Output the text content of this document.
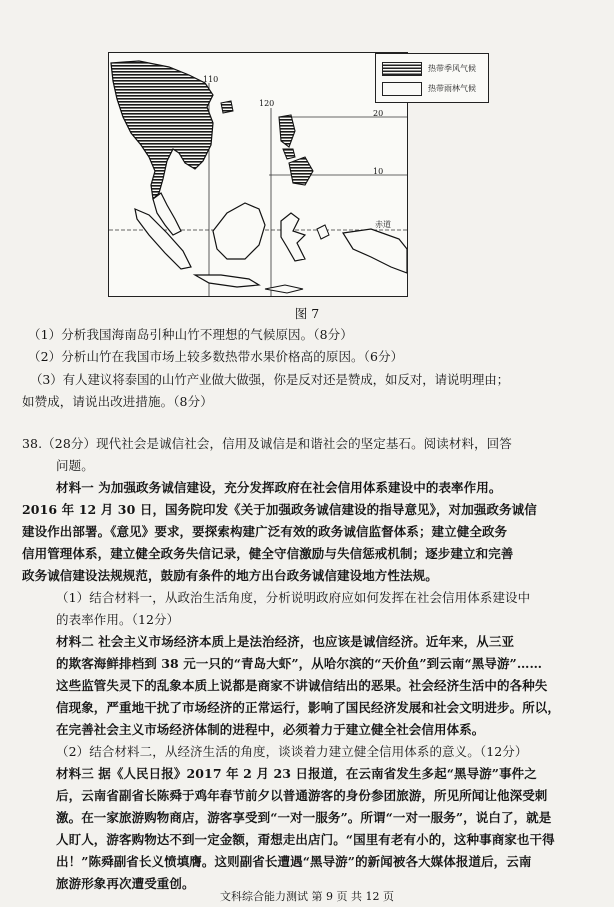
热带季风气候
热带雨林气候
110
120
20
10
赤道
图 7
（1）分析我国海南岛引种山竹不理想的气候原因。（8分）
（2）分析山竹在我国市场上较多数热带水果价格高的原因。（6分）
（3）有人建议将泰国的山竹产业做大做强，你是反对还是赞成，如反对，请说明理由；
如赞成，请说出改进措施。（8分）
38.（28分）现代社会是诚信社会，信用及诚信是和谐社会的坚定基石。阅读材料，回答
问题。
材料一 为加强政务诚信建设，充分发挥政府在社会信用体系建设中的表率作用。
2016 年 12 月 30 日，国务院印发《关于加强政务诚信建设的指导意见》，对加强政务诚信
建设作出部署。《意见》要求，要探索构建广泛有效的政务诚信监督体系；建立健全政务
信用管理体系，建立健全政务失信记录，健全守信激励与失信惩戒机制；逐步建立和完善
政务诚信建设法规规范，鼓励有条件的地方出台政务诚信建设地方性法规。
（1）结合材料一，从政治生活角度，分析说明政府应如何发挥在社会信用体系建设中
的表率作用。（12分）
材料二 社会主义市场经济本质上是法治经济，也应该是诚信经济。近年来，从三亚
的欺客海鲜排档到 38 元一只的“青岛大虾”，从哈尔滨的“天价鱼”到云南“黑导游”……
这些监管失灵下的乱象本质上说都是商家不讲诚信结出的恶果。社会经济生活中的各种失
信现象，严重地干扰了市场经济的正常运行，影响了国民经济发展和社会文明进步。所以，
在完善社会主义市场经济体制的进程中，必须着力于建立健全社会信用体系。
（2）结合材料二，从经济生活的角度，谈谈着力建立健全信用体系的意义。（12分）
材料三 据《人民日报》2017 年 2 月 23 日报道，在云南省发生多起“黑导游”事件之
后，云南省副省长陈舜于鸡年春节前夕以普通游客的身份参团旅游，所见所闻让他深受刺
激。在一家旅游购物商店，游客享受到“一对一服务”。所谓“一对一服务”，说白了，就是
人盯人，游客购物达不到一定金额，甭想走出店门。“国里有老有小的，这种事商家也干得
出！”陈舜副省长义愤填膺。这则副省长遭遇“黑导游”的新闻被各大媒体报道后，云南
旅游形象再次遭受重创。
文科综合能力测试 第 9 页 共 12 页
